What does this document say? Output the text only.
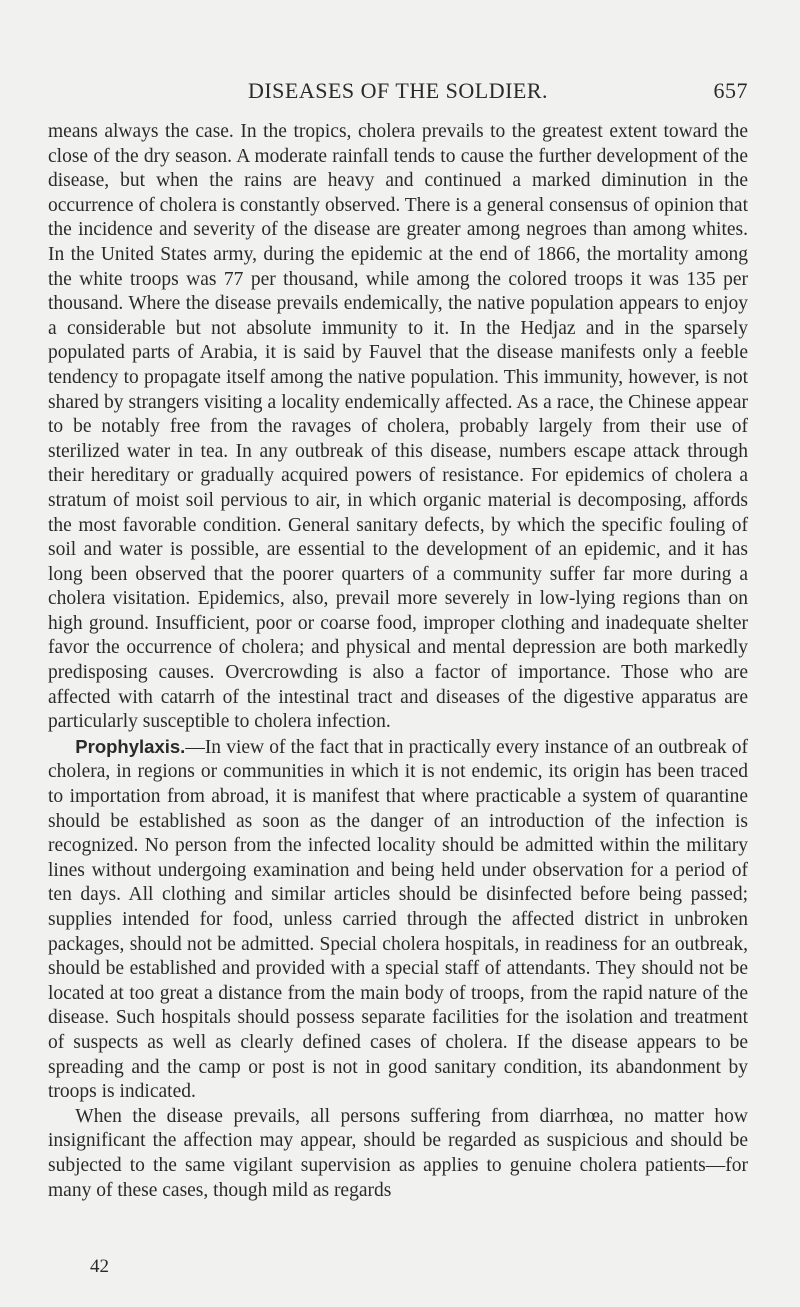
DISEASES OF THE SOLDIER.	657

means always the case. In the tropics, cholera prevails to the greatest extent toward the close of the dry season. A moderate rainfall tends to cause the further development of the disease, but when the rains are heavy and continued a marked diminution in the occurrence of cholera is constantly observed. There is a general consensus of opinion that the incidence and severity of the disease are greater among negroes than among whites. In the United States army, during the epidemic at the end of 1866, the mortality among the white troops was 77 per thousand, while among the colored troops it was 135 per thousand. Where the disease prevails endemically, the native population appears to enjoy a considerable but not absolute immunity to it. In the Hedjaz and in the sparsely populated parts of Arabia, it is said by Fauvel that the disease manifests only a feeble tendency to propagate itself among the native population. This immunity, however, is not shared by strangers visiting a locality endemically affected. As a race, the Chinese appear to be notably free from the ravages of cholera, probably largely from their use of sterilized water in tea. In any outbreak of this disease, numbers escape attack through their hereditary or gradually acquired powers of resistance. For epidemics of cholera a stratum of moist soil pervious to air, in which organic material is decomposing, affords the most favorable condition. General sanitary defects, by which the specific fouling of soil and water is possible, are essential to the development of an epidemic, and it has long been observed that the poorer quarters of a community suffer far more during a cholera visitation. Epidemics, also, prevail more severely in low-lying regions than on high ground. Insufficient, poor or coarse food, improper clothing and inadequate shelter favor the occurrence of cholera; and physical and mental depression are both markedly predisposing causes. Overcrowding is also a factor of importance. Those who are affected with catarrh of the intestinal tract and diseases of the digestive apparatus are particularly susceptible to cholera infection.

Prophylaxis.—In view of the fact that in practically every instance of an outbreak of cholera, in regions or communities in which it is not endemic, its origin has been traced to importation from abroad, it is manifest that where practicable a system of quarantine should be established as soon as the danger of an introduction of the infection is recognized. No person from the infected locality should be admitted within the military lines without undergoing examination and being held under observation for a period of ten days. All clothing and similar articles should be disinfected before being passed; supplies intended for food, unless carried through the affected district in unbroken packages, should not be admitted. Special cholera hospitals, in readiness for an outbreak, should be established and provided with a special staff of attendants. They should not be located at too great a distance from the main body of troops, from the rapid nature of the disease. Such hospitals should possess separate facilities for the isolation and treatment of suspects as well as clearly defined cases of cholera. If the disease appears to be spreading and the camp or post is not in good sanitary condition, its abandonment by troops is indicated.

When the disease prevails, all persons suffering from diarrhœa, no matter how insignificant the affection may appear, should be regarded as suspicious and should be subjected to the same vigilant supervision as applies to genuine cholera patients—for many of these cases, though mild as regards

42
